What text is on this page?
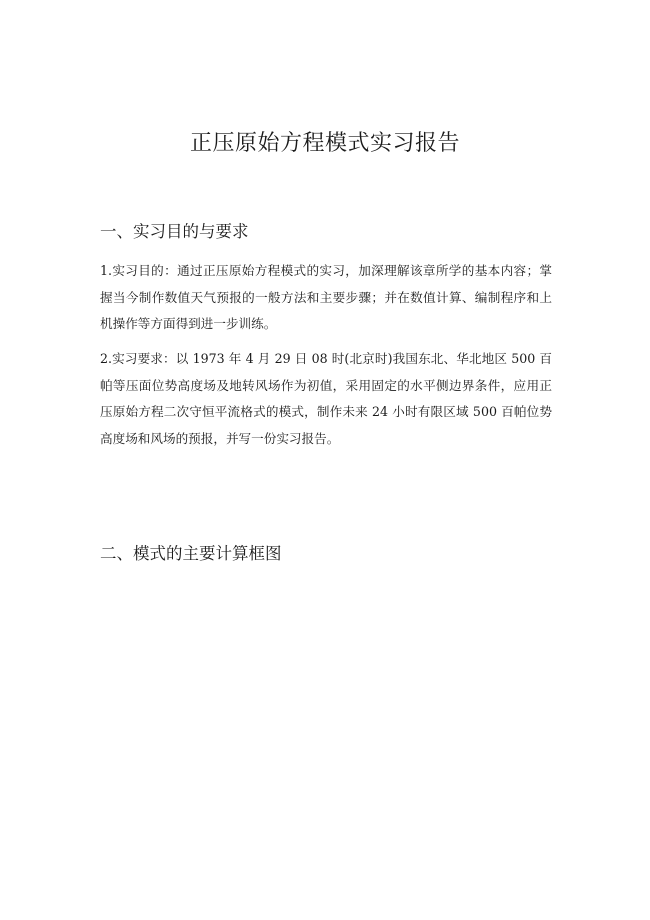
正压原始方程模式实习报告
一、实习目的与要求

1.实习目的：通过正压原始方程模式的实习，加深理解该章所学的基本内容；掌握当今制作数值天气预报的一般方法和主要步骤；并在数值计算、编制程序和上机操作等方面得到进一步训练。

2.实习要求：以 1973 年 4 月 29 日 08 时(北京时)我国东北、华北地区 500 百帕等压面位势高度场及地转风场作为初值，采用固定的水平侧边界条件，应用正压原始方程二次守恒平流格式的模式，制作未来 24 小时有限区域 500 百帕位势高度场和风场的预报，并写一份实习报告。

二、模式的主要计算框图
